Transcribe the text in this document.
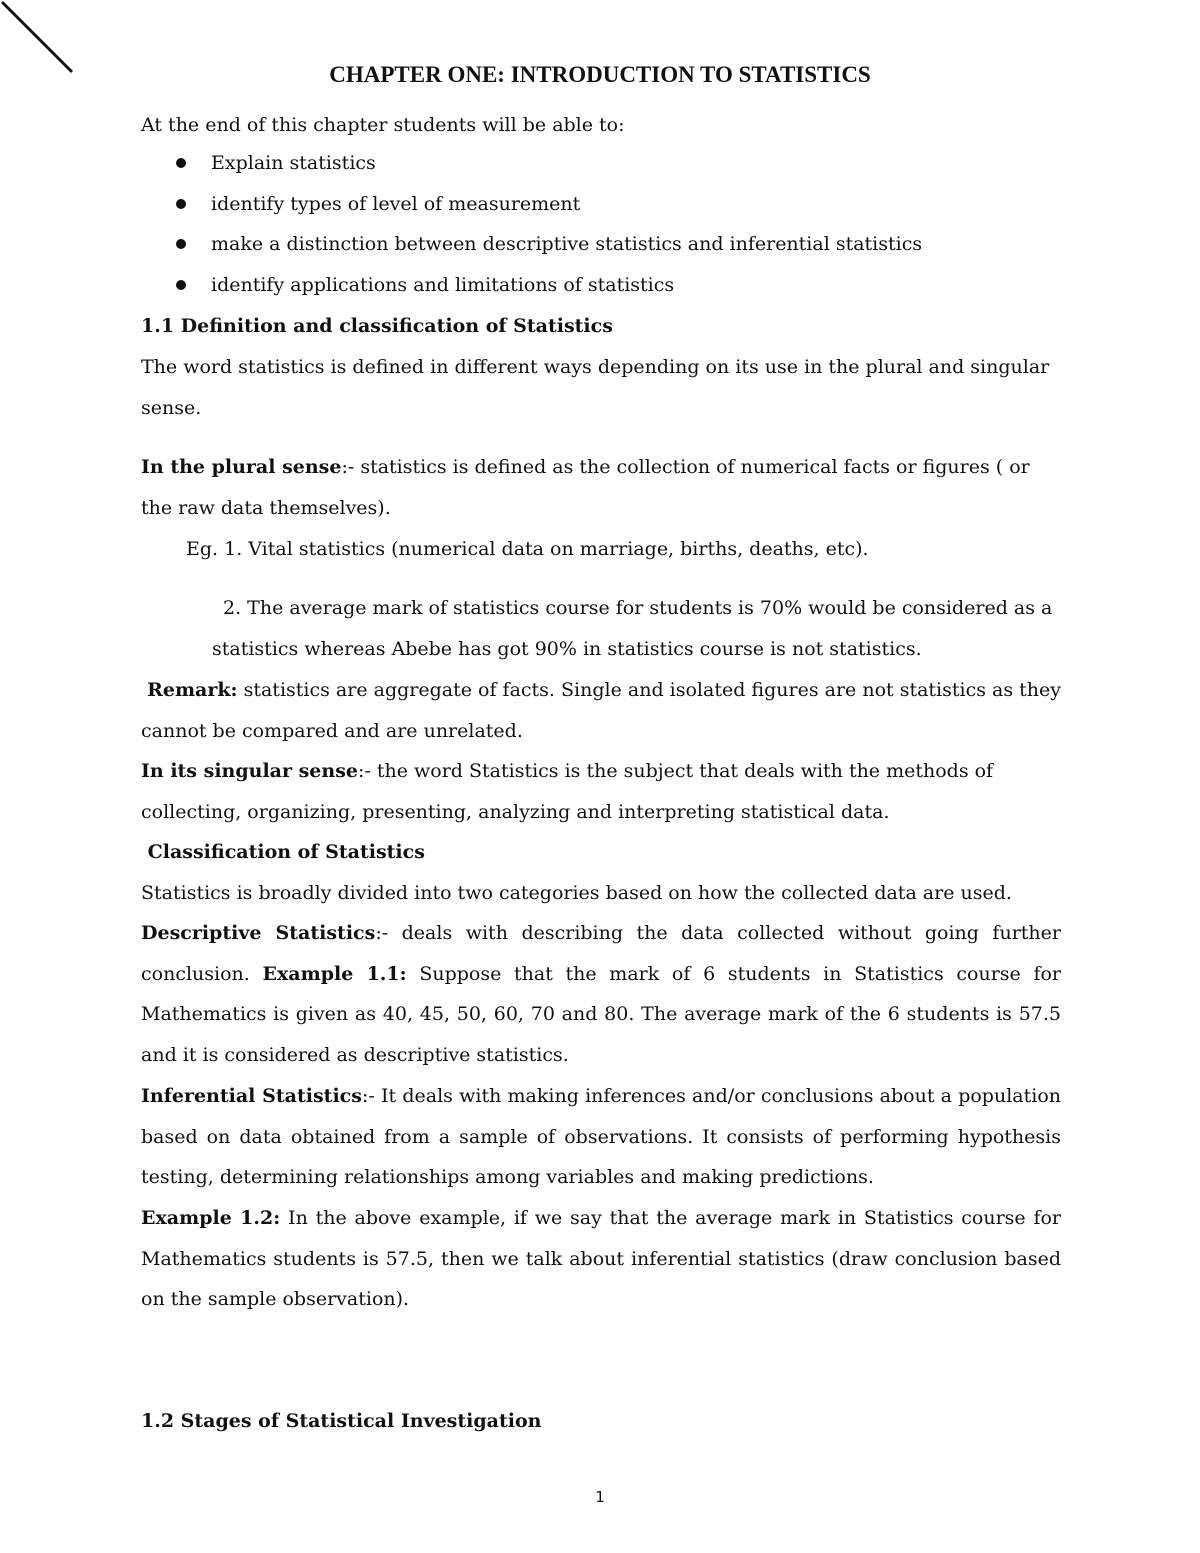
CHAPTER ONE: INTRODUCTION TO STATISTICS

At the end of this chapter students will be able to:

Explain statistics
identify types of level of measurement
make a distinction between descriptive statistics and inferential statistics
identify applications and limitations of statistics

1.1 Definition and classification of Statistics

The word statistics is defined in different ways depending on its use in the plural and singular sense.

In the plural sense:- statistics is defined as the collection of numerical facts or figures ( or the raw data themselves).

Eg. 1. Vital statistics (numerical data on marriage, births, deaths, etc).

2. The average mark of statistics course for students is 70% would be considered as a

statistics whereas Abebe has got 90% in statistics course is not statistics.

Remark: statistics are aggregate of facts. Single and isolated figures are not statistics as they cannot be compared and are unrelated.

In its singular sense:- the word Statistics is the subject that deals with the methods of collecting, organizing, presenting, analyzing and interpreting statistical data.

Classification of Statistics

Statistics is broadly divided into two categories based on how the collected data are used.

Descriptive Statistics:- deals with describing the data collected without going further conclusion. Example 1.1: Suppose that the mark of 6 students in Statistics course for Mathematics is given as 40, 45, 50, 60, 70 and 80. The average mark of the 6 students is 57.5 and it is considered as descriptive statistics.

Inferential Statistics:- It deals with making inferences and/or conclusions about a population based on data obtained from a sample of observations. It consists of performing hypothesis testing, determining relationships among variables and making predictions.

Example 1.2: In the above example, if we say that the average mark in Statistics course for Mathematics students is 57.5, then we talk about inferential statistics (draw conclusion based on the sample observation).

1.2 Stages of Statistical Investigation

1
